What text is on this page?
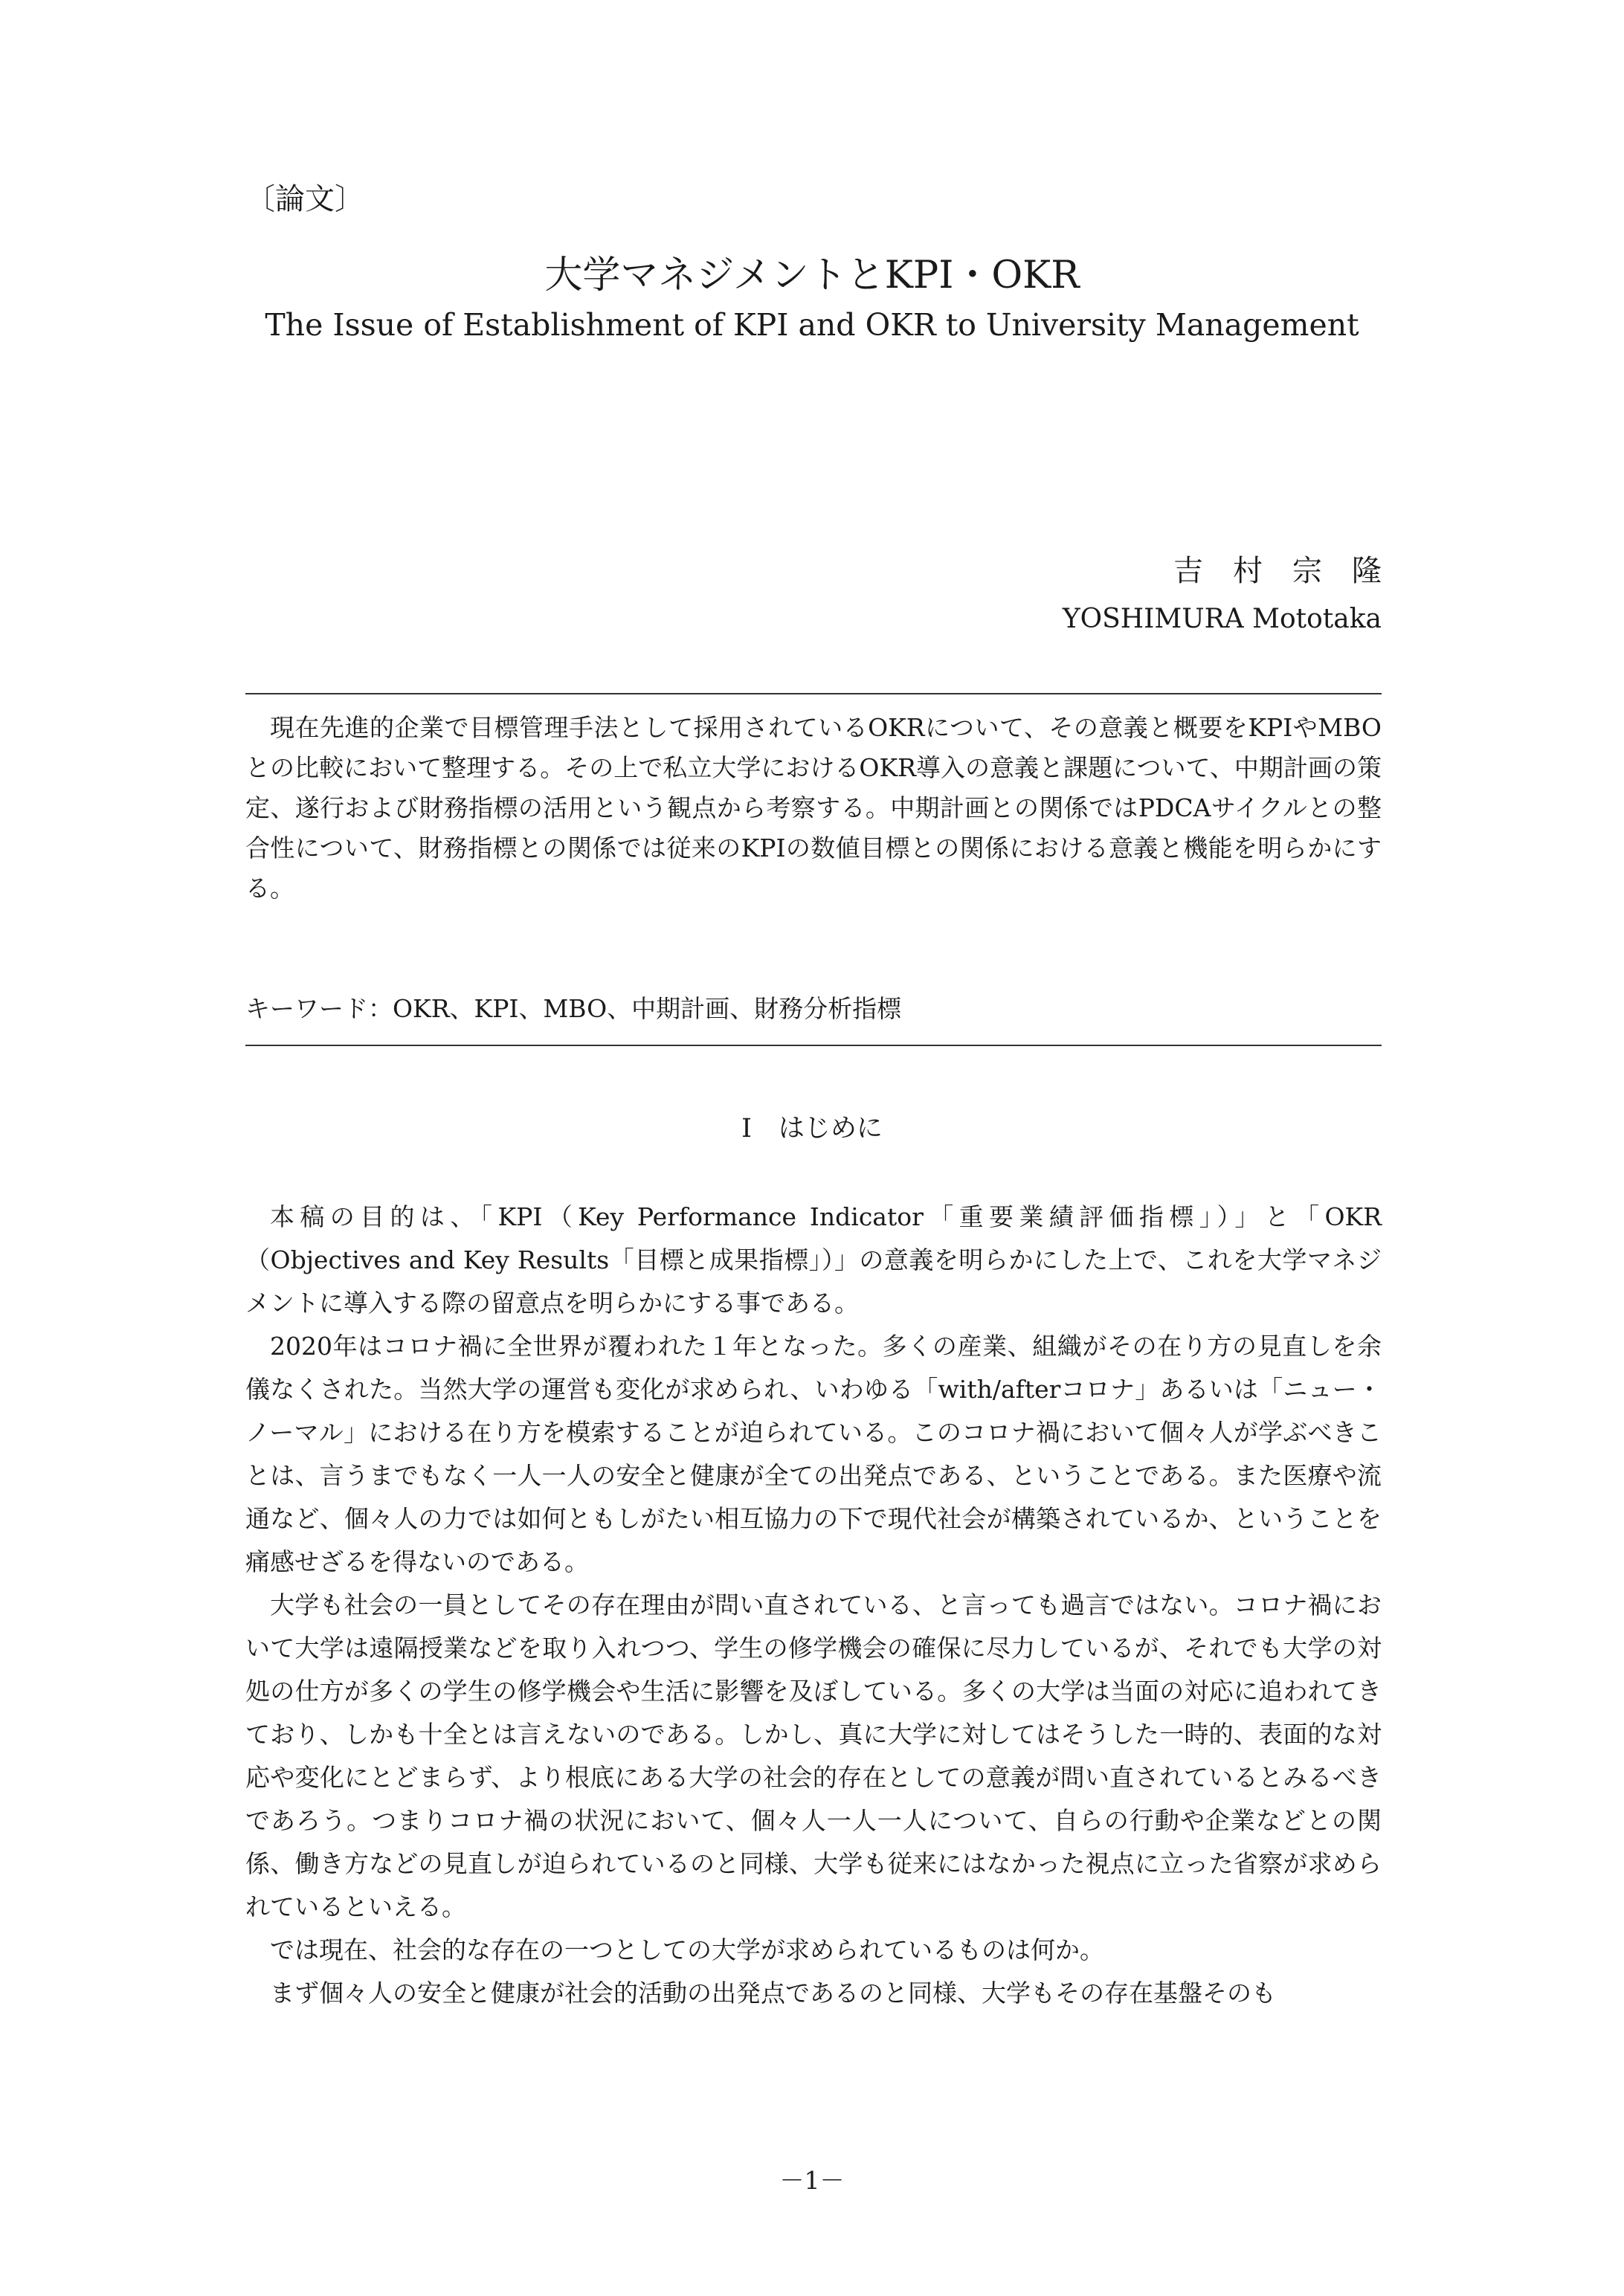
〔論文〕
大学マネジメントとKPI・OKR
The Issue of Establishment of KPI and OKR to University Management
吉村宗隆
YOSHIMURA Mototaka

現在先進的企業で目標管理手法として採用されているOKRについて、その意義と概要をKPIやMBOとの比較において整理する。その上で私立大学におけるOKR導入の意義と課題について、中期計画の策定、遂行および財務指標の活用という観点から考察する。中期計画との関係ではPDCAサイクルとの整合性について、財務指標との関係では従来のKPIの数値目標との関係における意義と機能を明らかにする。

キーワード：OKR、KPI、MBO、中期計画、財務分析指標
Ⅰ はじめに

本稿の目的は、「KPI（Key Performance Indicator「重要業績評価指標」）」と「OKR（Objectives and Key Results「目標と成果指標」）」の意義を明らかにした上で、これを大学マネジメントに導入する際の留意点を明らかにする事である。

2020年はコロナ禍に全世界が覆われた１年となった。多くの産業、組織がその在り方の見直しを余儀なくされた。当然大学の運営も変化が求められ、いわゆる「with/afterコロナ」あるいは「ニュー・ノーマル」における在り方を模索することが迫られている。このコロナ禍において個々人が学ぶべきことは、言うまでもなく一人一人の安全と健康が全ての出発点である、ということである。また医療や流通など、個々人の力では如何ともしがたい相互協力の下で現代社会が構築されているか、ということを痛感せざるを得ないのである。

大学も社会の一員としてその存在理由が問い直されている、と言っても過言ではない。コロナ禍において大学は遠隔授業などを取り入れつつ、学生の修学機会の確保に尽力しているが、それでも大学の対処の仕方が多くの学生の修学機会や生活に影響を及ぼしている。多くの大学は当面の対応に追われてきており、しかも十全とは言えないのである。しかし、真に大学に対してはそうした一時的、表面的な対応や変化にとどまらず、より根底にある大学の社会的存在としての意義が問い直されているとみるべきであろう。つまりコロナ禍の状況において、個々人一人一人について、自らの行動や企業などとの関係、働き方などの見直しが迫られているのと同様、大学も従来にはなかった視点に立った省察が求められているといえる。

では現在、社会的な存在の一つとしての大学が求められているものは何か。

まず個々人の安全と健康が社会的活動の出発点であるのと同様、大学もその存在基盤そのも

－1－
